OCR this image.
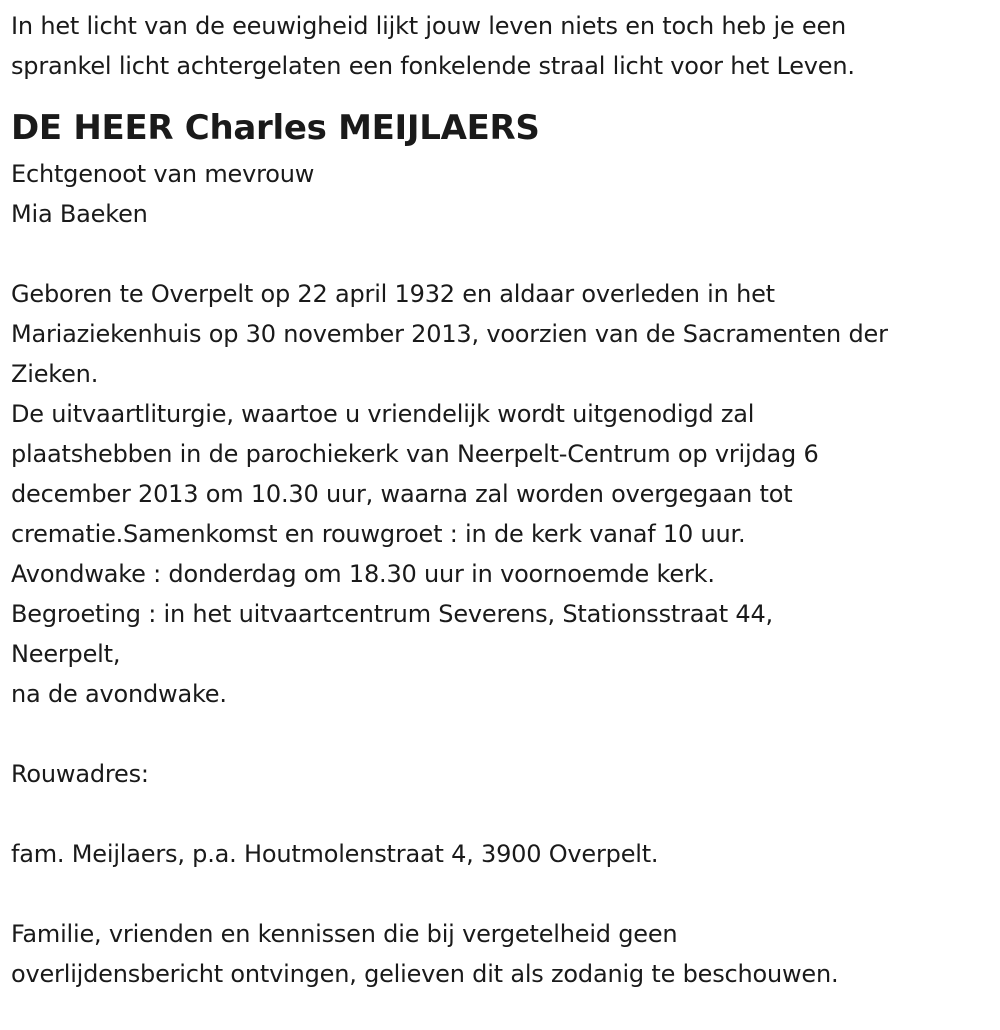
In het licht van de eeuwigheid lijkt jouw leven niets en toch heb je een
sprankel licht achtergelaten een fonkelende straal licht voor het Leven.
DE HEER Charles MEIJLAERS
Echtgenoot van mevrouw
Mia Baeken
Geboren te Overpelt op 22 april 1932 en aldaar overleden in het
Mariaziekenhuis op 30 november 2013, voorzien van de Sacramenten der
Zieken.
De uitvaartliturgie, waartoe u vriendelijk wordt uitgenodigd zal
plaatshebben in de parochiekerk van Neerpelt-Centrum op vrijdag 6
december 2013 om 10.30 uur, waarna zal worden overgegaan tot
crematie.Samenkomst en rouwgroet : in de kerk vanaf 10 uur.
Avondwake : donderdag om 18.30 uur in voornoemde kerk.
Begroeting : in het uitvaartcentrum Severens, Stationsstraat 44,
Neerpelt,
na de avondwake.
Rouwadres:
fam. Meijlaers, p.a. Houtmolenstraat 4, 3900 Overpelt.
Familie, vrienden en kennissen die bij vergetelheid geen
overlijdensbericht ontvingen, gelieven dit als zodanig te beschouwen.
